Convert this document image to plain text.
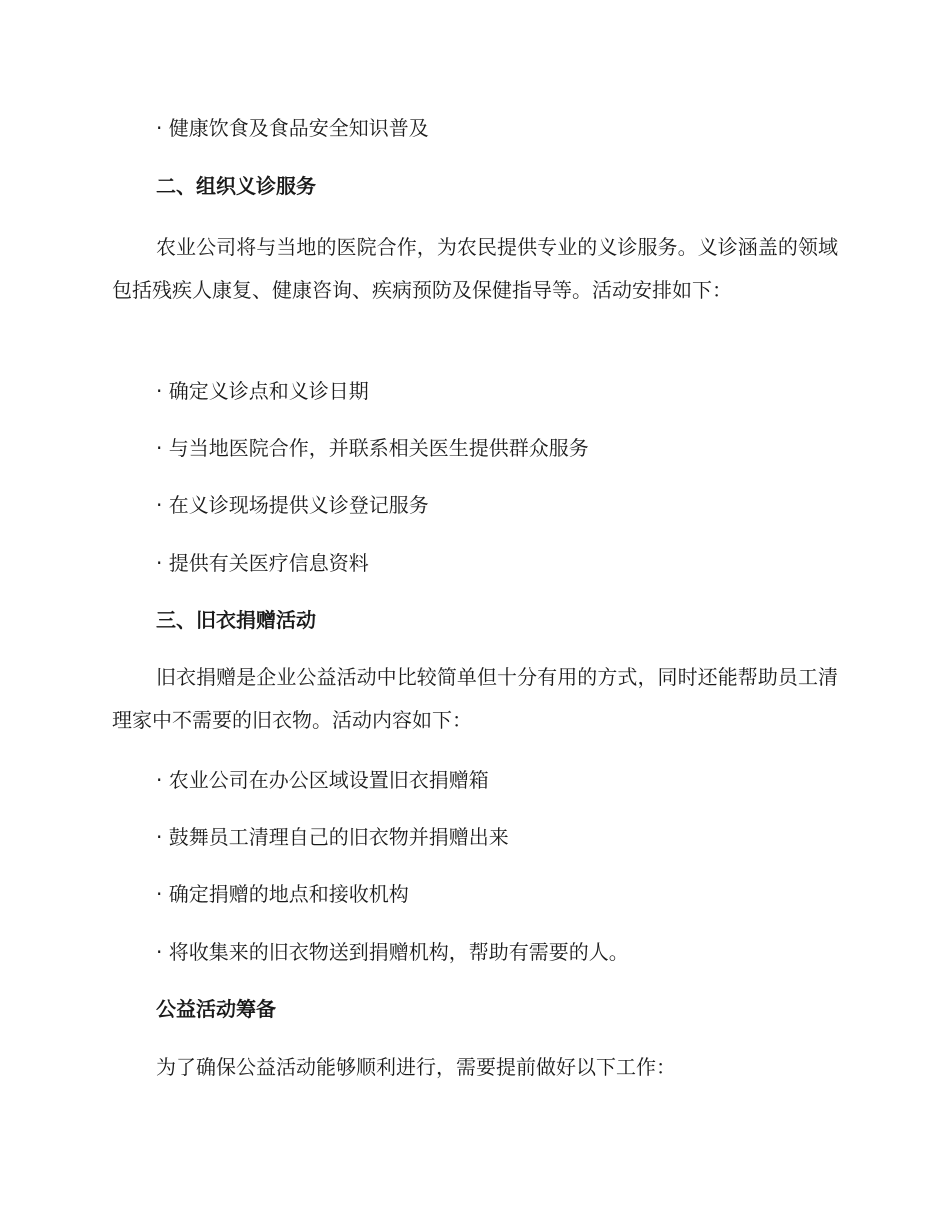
· 健康饮食及食品安全知识普及

二、组织义诊服务

农业公司将与当地的医院合作，为农民提供专业的义诊服务。义诊涵盖的领域包括残疾人康复、健康咨询、疾病预防及保健指导等。活动安排如下：

· 确定义诊点和义诊日期

· 与当地医院合作，并联系相关医生提供群众服务

· 在义诊现场提供义诊登记服务

· 提供有关医疗信息资料

三、旧衣捐赠活动

旧衣捐赠是企业公益活动中比较简单但十分有用的方式，同时还能帮助员工清理家中不需要的旧衣物。活动内容如下：

· 农业公司在办公区域设置旧衣捐赠箱

· 鼓舞员工清理自己的旧衣物并捐赠出来

· 确定捐赠的地点和接收机构

· 将收集来的旧衣物送到捐赠机构，帮助有需要的人。

公益活动筹备

为了确保公益活动能够顺利进行，需要提前做好以下工作：
